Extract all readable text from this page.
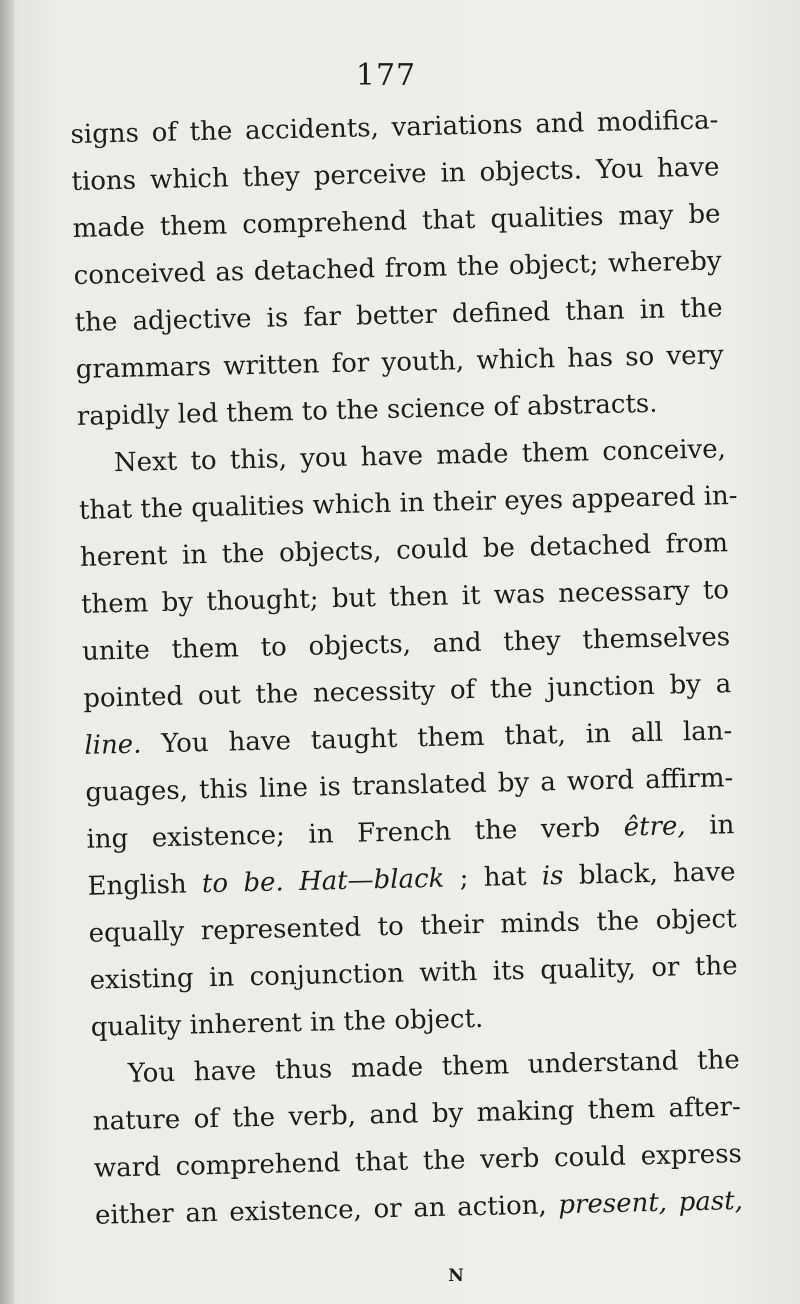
177
signs of the accidents, variations and modifica-
tions which they perceive in objects. You have
made them comprehend that qualities may be
conceived as detached from the object; whereby
the adjective is far better defined than in the
grammars written for youth, which has so very
rapidly led them to the science of abstracts.
Next to this, you have made them conceive,
that the qualities which in their eyes appeared in-
herent in the objects, could be detached from
them by thought; but then it was necessary to
unite them to objects, and they themselves
pointed out the necessity of the junction by a
line. You have taught them that, in all lan-
guages, this line is translated by a word affirm-
ing existence; in French the verb être, in
English to be. Hat—black ; hat is black, have
equally represented to their minds the object
existing in conjunction with its quality, or the
quality inherent in the object.
You have thus made them understand the
nature of the verb, and by making them after-
ward comprehend that the verb could express
either an existence, or an action, present, past,
N
